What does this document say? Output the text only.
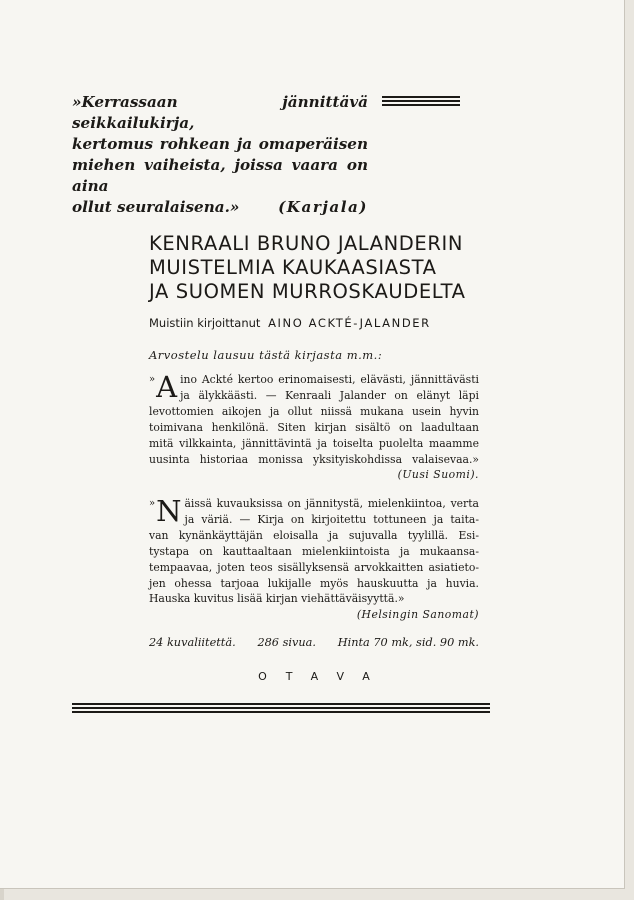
»Kerrassaan jännittävä seikkailukirja,
kertomus rohkean ja omaperäisen
miehen vaiheista, joissa vaara on aina
ollut seuralaisena.»	(Karjala)
KENRAALI BRUNO JALANDERIN
MUISTELMIA KAUKAASIASTA
JA SUOMEN MURROSKAUDELTA
Muistiin kirjoittanut AINO ACKTÉ-JALANDER
Arvostelu lausuu tästä kirjasta m.m.:
» A ino Ackté kertoo erinomaisesti, elävästi, jännittävästi
ja älykkäästi. — Kenraali Jalander on elänyt läpi
levottomien aikojen ja ollut niissä mukana usein hyvin
toimivana henkilönä. Siten kirjan sisältö on laadultaan
mitä vilkkainta, jännittävintä ja toiselta puolelta maamme
uusinta historiaa monissa yksityiskohdissa valaisevaa.»
(Uusi Suomi).
» N äissä kuvauksissa on jännitystä, mielenkiintoa, verta
ja väriä. — Kirja on kirjoitettu tottuneen ja taita-
van kynänkäyttäjän eloisalla ja sujuvalla tyylillä. Esi-
tystapa on kauttaaltaan mielenkiintoista ja mukaansa-
tempaavaa, joten teos sisällyksensä arvokkaitten asiatieto-
jen ohessa tarjoaa lukijalle myös hauskuutta ja huvia.
Hauska kuvitus lisää kirjan viehättäväisyyttä.»
(Helsingin Sanomat)
24 kuvaliitettä. 286 sivua. Hinta 70 mk, sid. 90 mk.
OTAVA
